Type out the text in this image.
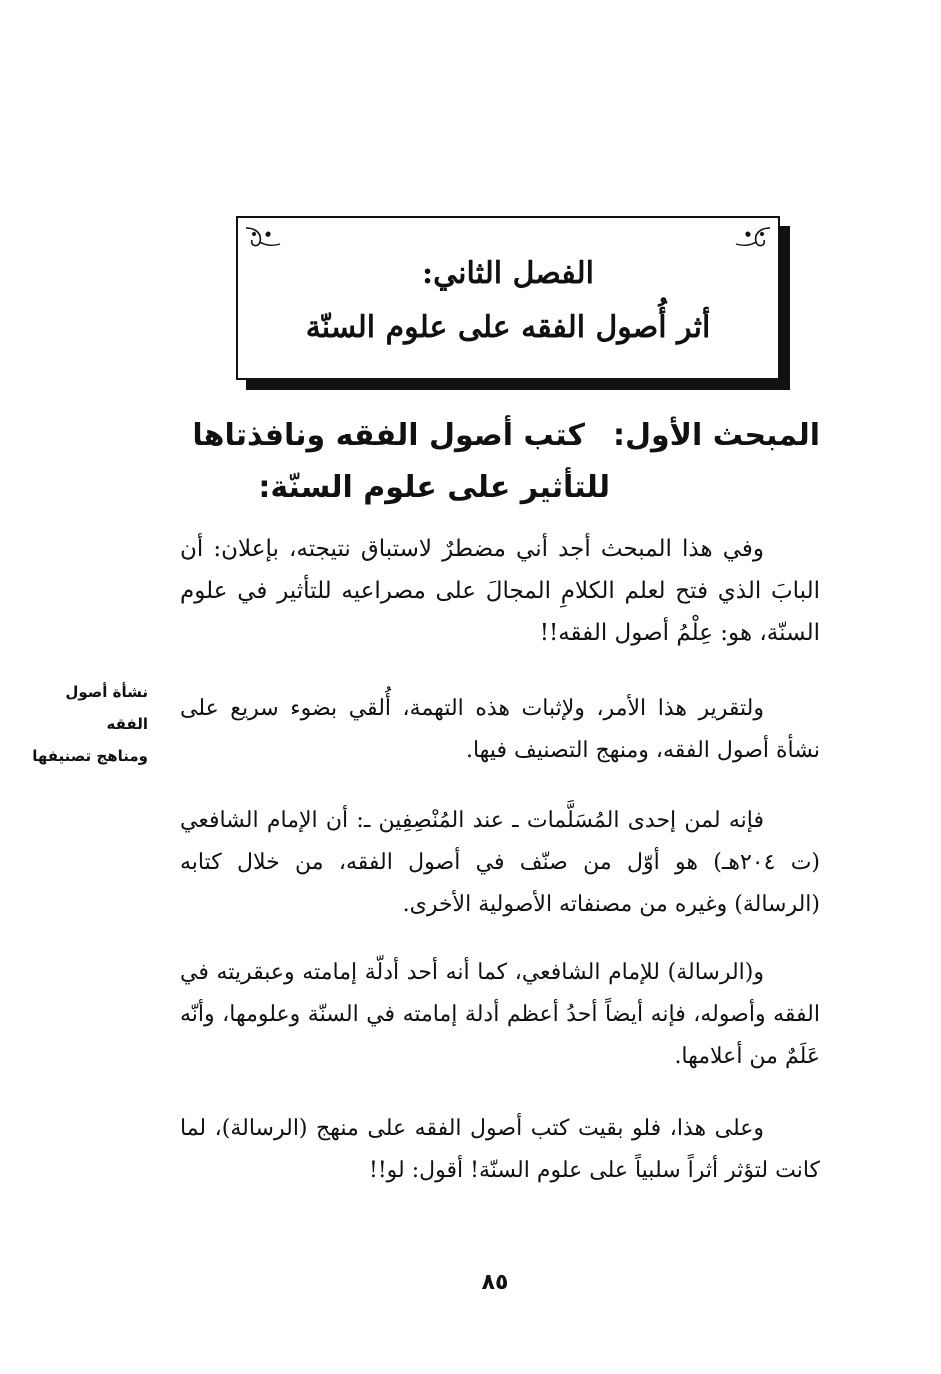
الفصل الثاني:
أثر أُصول الفقه على علوم السنّة
المبحث الأول:كتب أصول الفقه ونافذتاها
للتأثير على علوم السنّة:
وفي هذا المبحث أجد أني مضطرٌ لاستباق نتيجته، بإعلان: أن البابَ الذي فتح لعلم الكلامِ المجالَ على مصراعيه للتأثير في علوم السنّة، هو: عِلْمُ أصول الفقه!!
ولتقرير هذا الأمر، ولإثبات هذه التهمة، أُلقي بضوء سريع على نشأة أصول الفقه، ومنهج التصنيف فيها.
فإنه لمن إحدى المُسَلَّمات ـ عند المُنْصِفِين ـ: أن الإمام الشافعي (ت ٢٠٤هـ) هو أوّل من صنّف في أصول الفقه، من خلال كتابه (الرسالة) وغيره من مصنفاته الأصولية الأخرى.
و(الرسالة) للإمام الشافعي، كما أنه أحد أدلّة إمامته وعبقريته في الفقه وأصوله، فإنه أيضاً أحدُ أعظم أدلة إمامته في السنّة وعلومها، وأنّه عَلَمٌ من أعلامها.
وعلى هذا، فلو بقيت كتب أصول الفقه على منهج (الرسالة)، لما كانت لتؤثر أثراً سلبياً على علوم السنّة! أقول: لو!!
نشأة أصول الفقه
ومناهج تصنيفها
٨٥
